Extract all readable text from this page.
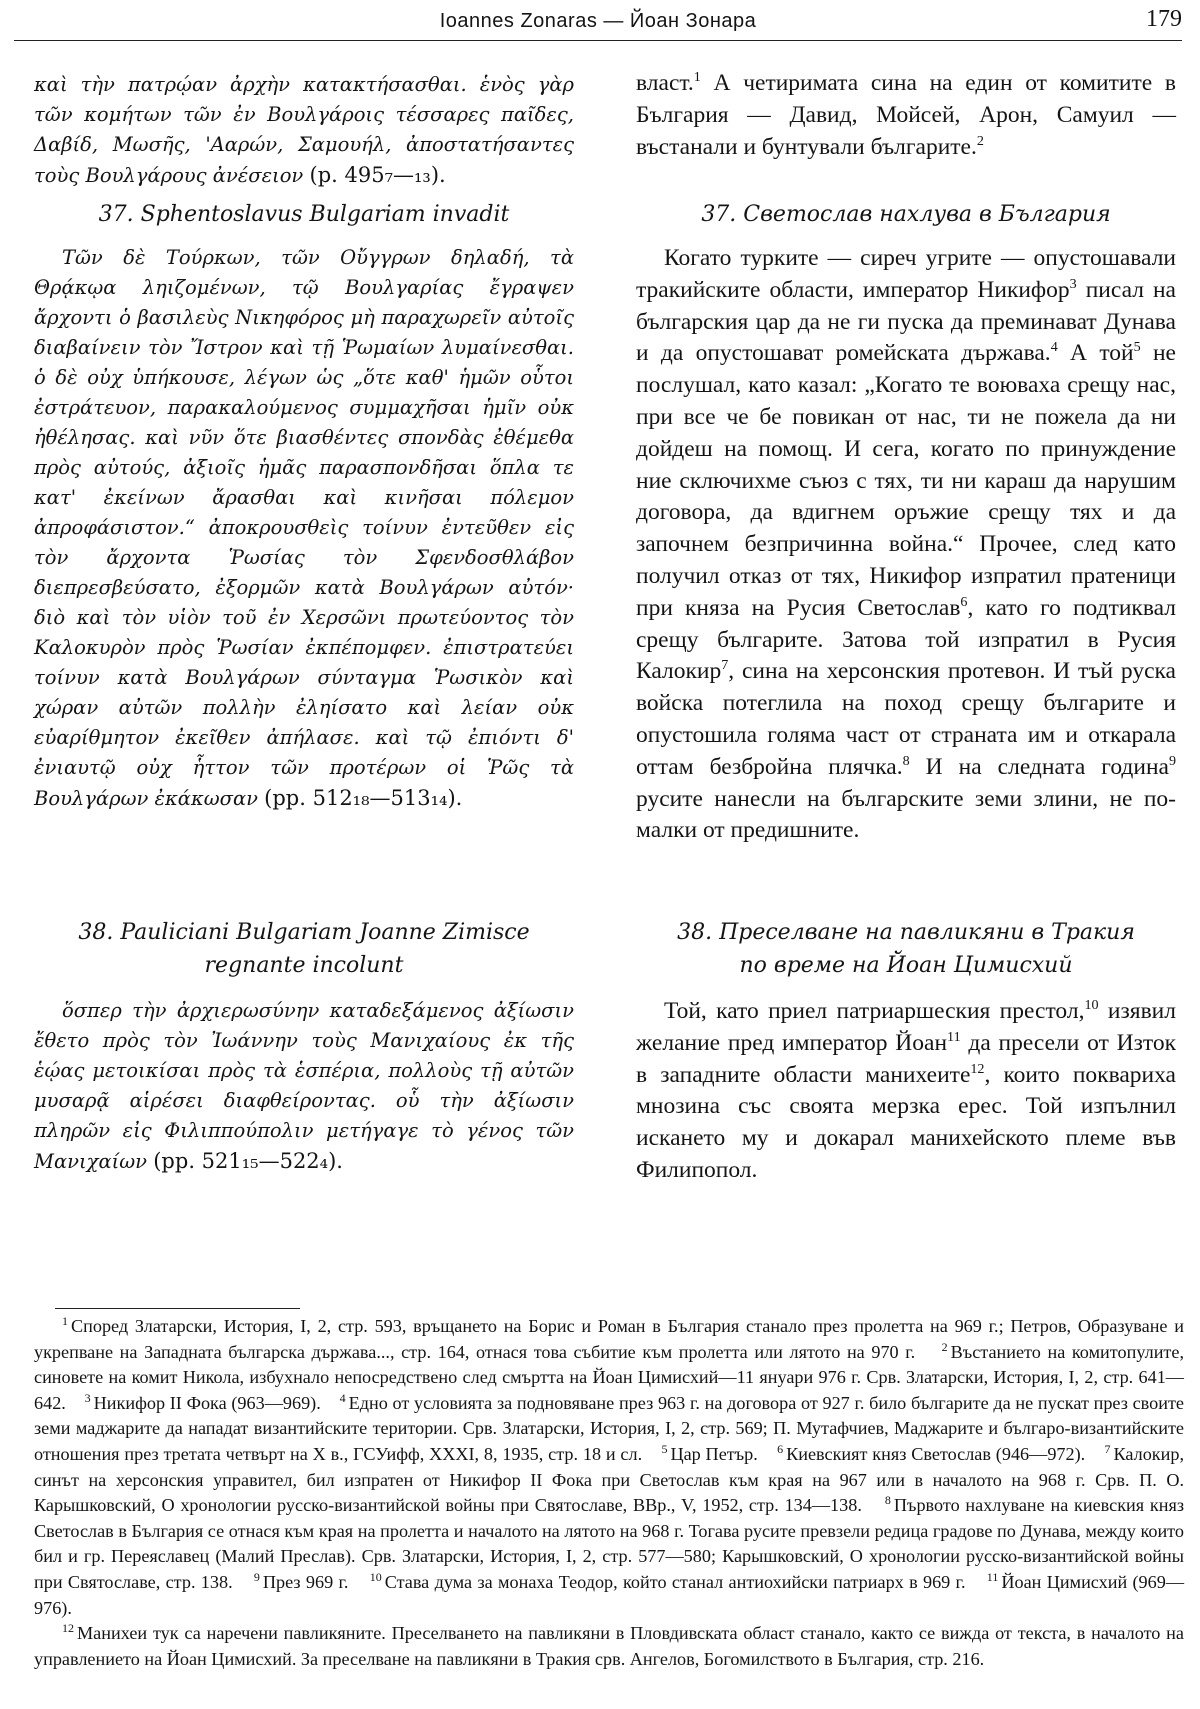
Ioannes Zonaras — Йоан Зонара	179

καὶ τὴν πατρῴαν ἀρχὴν κατακτήσασθαι. ἑνὸς γὰρ τῶν κομήτων τῶν ἐν Βουλγάροις τέσσαρες παῖδες, Δαβίδ, Μωσῆς, 'Ααρών, Σαμουήλ, ἀποστατήσαντες τοὺς Βουλγάρους ἀνέσειον (p. 495₇—₁₃).

власт.$^1$ А четиримата сина на един от комитите в България — Давид, Мойсей, Арон, Самуил — въстанали и бунтували българите.$^2$

37. Sphentoslavus Bulgariam invadit

Τῶν δὲ Τούρκων, τῶν Οὔγγρων δηλαδή, τὰ Θρᾴκῳα ληιζομένων, τῷ Βουλγαρίας ἔγραψεν ἄρχοντι ὁ βασιλεὺς Νικηφόρος μὴ παραχωρεῖν αὐτοῖς διαβαίνειν τὸν Ἴστρον καὶ τῇ Ῥωμαίων λυμαίνεσθαι. ὁ δὲ οὐχ ὑπήκουσε, λέγων ὡς „ὅτε καθ' ἡμῶν οὗτοι ἐστράτευον, παρακαλούμενος συμμαχῆσαι ἡμῖν οὐκ ἠθέλησας. καὶ νῦν ὅτε βιασθέντες σπονδὰς ἐθέμεθα πρὸς αὐτούς, ἀξιοῖς ἡμᾶς παρασπονδῆσαι ὅπλα τε κατ' ἐκείνων ἄρασθαι καὶ κινῆσαι πόλεμον ἀπροφάσιστον.“ ἀποκρουσθεὶς τοίνυν ἐντεῦθεν εἰς τὸν ἄρχοντα Ῥωσίας τὸν Σφενδοσθλάβον διεπρεσβεύσατο, ἐξορμῶν κατὰ Βουλγάρων αὐτόν· διὸ καὶ τὸν υἱὸν τοῦ ἐν Χερσῶνι πρωτεύοντος τὸν Καλοκυρὸν πρὸς Ῥωσίαν ἐκπέπομφεν. ἐπιστρατεύει τοίνυν κατὰ Βουλγάρων σύνταγμα Ῥωσικὸν καὶ χώραν αὐτῶν πολλὴν ἐληίσατο καὶ λείαν οὐκ εὐαρίθμητον ἐκεῖθεν ἀπήλασε. καὶ τῷ ἐπιόντι δ' ἐνιαυτῷ οὐχ ἧττον τῶν προτέρων οἱ Ῥῶς τὰ Βουλγάρων ἐκάκωσαν (pp. 512₁₈—513₁₄).

37. Светослав нахлува в България

Когато турките — сиреч угрите — опустошавали тракийските области, император Никифор$^3$ писал на българския цар да не ги пуска да преминават Дунава и да опустошават ромейската държава.$^4$ А той$^5$ не послушал, като казал: „Когато те воюваха срещу нас, при все че бе повикан от нас, ти не пожела да ни дойдеш на помощ. И сега, когато по принуждение ние сключихме съюз с тях, ти ни караш да нарушим договора, да вдигнем оръжие срещу тях и да започнем безпричинна война.“ Прочее, след като получил отказ от тях, Никифор изпратил пратеници при княза на Русия Светослав$^6$, като го подтиквал срещу българите. Затова той изпратил в Русия Калокир$^7$, сина на херсонския протевон. И тъй руска войска потеглила на поход срещу българите и опустошила голяма част от страната им и откарала оттам безбройна плячка.$^8$ И на следната година$^9$ русите нанесли на българските земи злини, не по-малки от предишните.

38. Pauliciani Bulgariam Joanne Zimisce

regnante incolunt

ὅσπερ τὴν ἀρχιερωσύνην καταδεξάμενος ἀξίωσιν ἔθετο πρὸς τὸν Ἰωάννην τοὺς Μανιχαίους ἐκ τῆς ἑῴας μετοικίσαι πρὸς τὰ ἑσπέρια, πολλοὺς τῇ αὐτῶν μυσαρᾷ αἱρέσει διαφθείροντας. οὗ τὴν ἀξίωσιν πληρῶν εἰς Φιλιππούπολιν μετήγαγε τὸ γένος τῶν Μανιχαίων (pp. 521₁₅—522₄).

38. Преселване на павликяни в Тракия

по време на Йоан Цимисхий

Той, като приел патриаршеския престол,$^{10}$ изявил желание пред император Йоан$^{11}$ да пресели от Изток в западните области манихеите$^{12}$, които поквариха мнозина със своята мерзка ерес. Той изпълнил искането му и докарал манихейското племе във Филипопол.

$^1$ Според Златарски, История, I, 2, стр. 593, връщането на Борис и Роман в България станало през пролетта на 969 г.; Петров, Образуване и укрепване на Западната българска държава..., стр. 164, отнася това събитие към пролетта или лятото на 970 г. $^2$ Въстанието на комитопулите, синовете на комит Никола, избухнало непосредствено след смъртта на Йоан Цимисхий—11 януари 976 г. Срв. Златарски, История, I, 2, стр. 641—642. $^3$ Никифор II Фока (963—969). $^4$ Едно от условията за подновяване през 963 г. на договора от 927 г. било българите да не пускат през своите земи маджарите да нападат византийските територии. Срв. Златарски, История, I, 2, стр. 569; П. Мутафчиев, Маджарите и българо-византийските отношения през третата четвърт на X в., ГСУифф, XXXI, 8, 1935, стр. 18 и сл. $^5$ Цар Петър. $^6$ Киевският княз Светослав (946—972). $^7$ Калокир, синът на херсонския управител, бил изпратен от Никифор II Фока при Светослав към края на 967 или в началото на 968 г. Срв. П. О. Карышковский, О хронологии русско-византийской войны при Святославе, ВВр., V, 1952, стр. 134—138. $^8$ Първото нахлуване на киевския княз Светослав в България се отнася към края на пролетта и началото на лятото на 968 г. Тогава русите превзели редица градове по Дунава, между които бил и гр. Переяславец (Малий Преслав). Срв. Златарски, История, I, 2, стр. 577—580; Карышковский, О хронологии русско-византийской войны при Святославе, стр. 138. $^9$ През 969 г. $^{10}$ Става дума за монаха Теодор, който станал антиохийски патриарх в 969 г. $^{11}$ Йоан Цимисхий (969—976).

$^{12}$ Манихеи тук са наречени павликяните. Преселването на павликяни в Пловдивската област станало, както се вижда от текста, в началото на управлението на Йоан Цимисхий. За преселване на павликяни в Тракия срв. Ангелов, Богомилството в България, стр. 216.
